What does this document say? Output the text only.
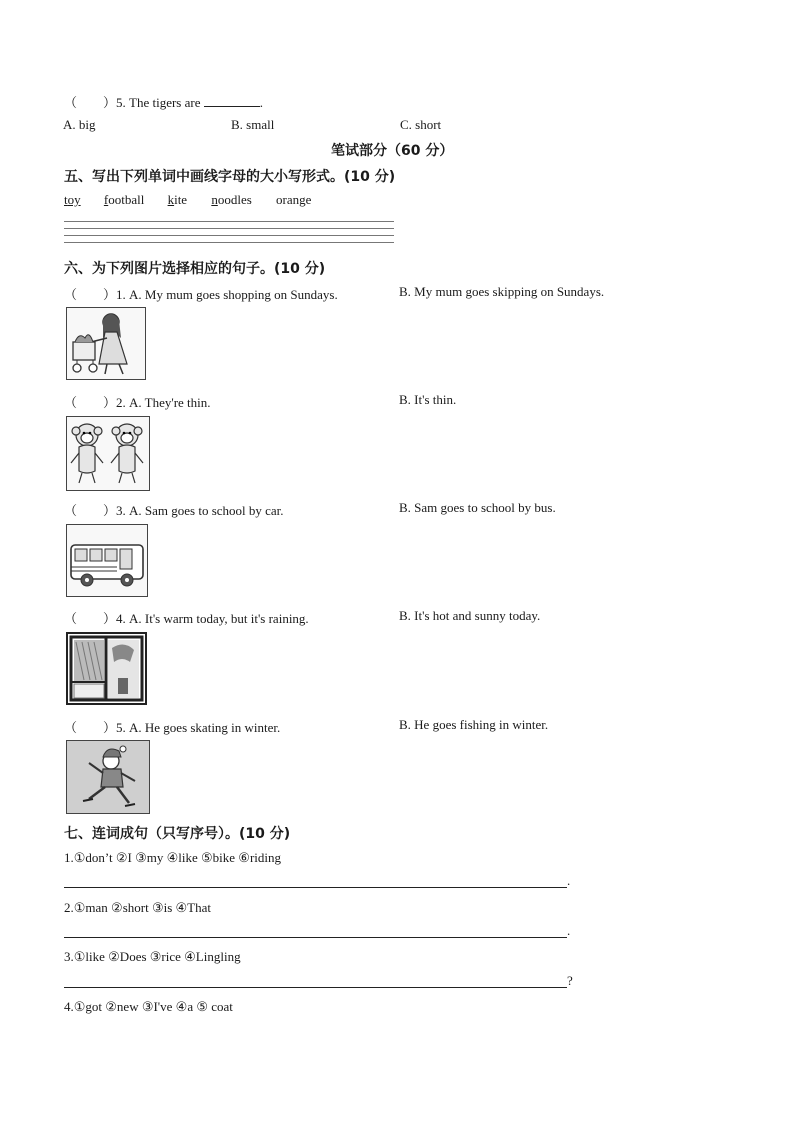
（　　）5. The tigers are	.
A. big	B. small	C. short
笔试部分（60 分）
五、写出下列单词中画线字母的大小写形式。(10 分)
toy football kite noodles orange
六、为下列图片选择相应的句子。(10 分)
（　　）1. A. My mum goes shopping on Sundays.	B. My mum goes skipping on Sundays.
（　　）2. A. They're thin.	B. It's thin.
（　　）3. A. Sam goes to school by car.	B. Sam goes to school by bus.
（　　）4. A. It's warm today, but it's raining.	B. It's hot and sunny today.
（　　）5. A. He goes skating in winter.	B. He goes fishing in winter.
七、连词成句（只写序号）。(10 分)
1.①don’t ②I ③my ④like ⑤bike ⑥riding
.
2.①man ②short ③is ④That
.
3.①like ②Does ③rice ④Lingling
?
4.①got ②new ③I've ④a ⑤ coat
